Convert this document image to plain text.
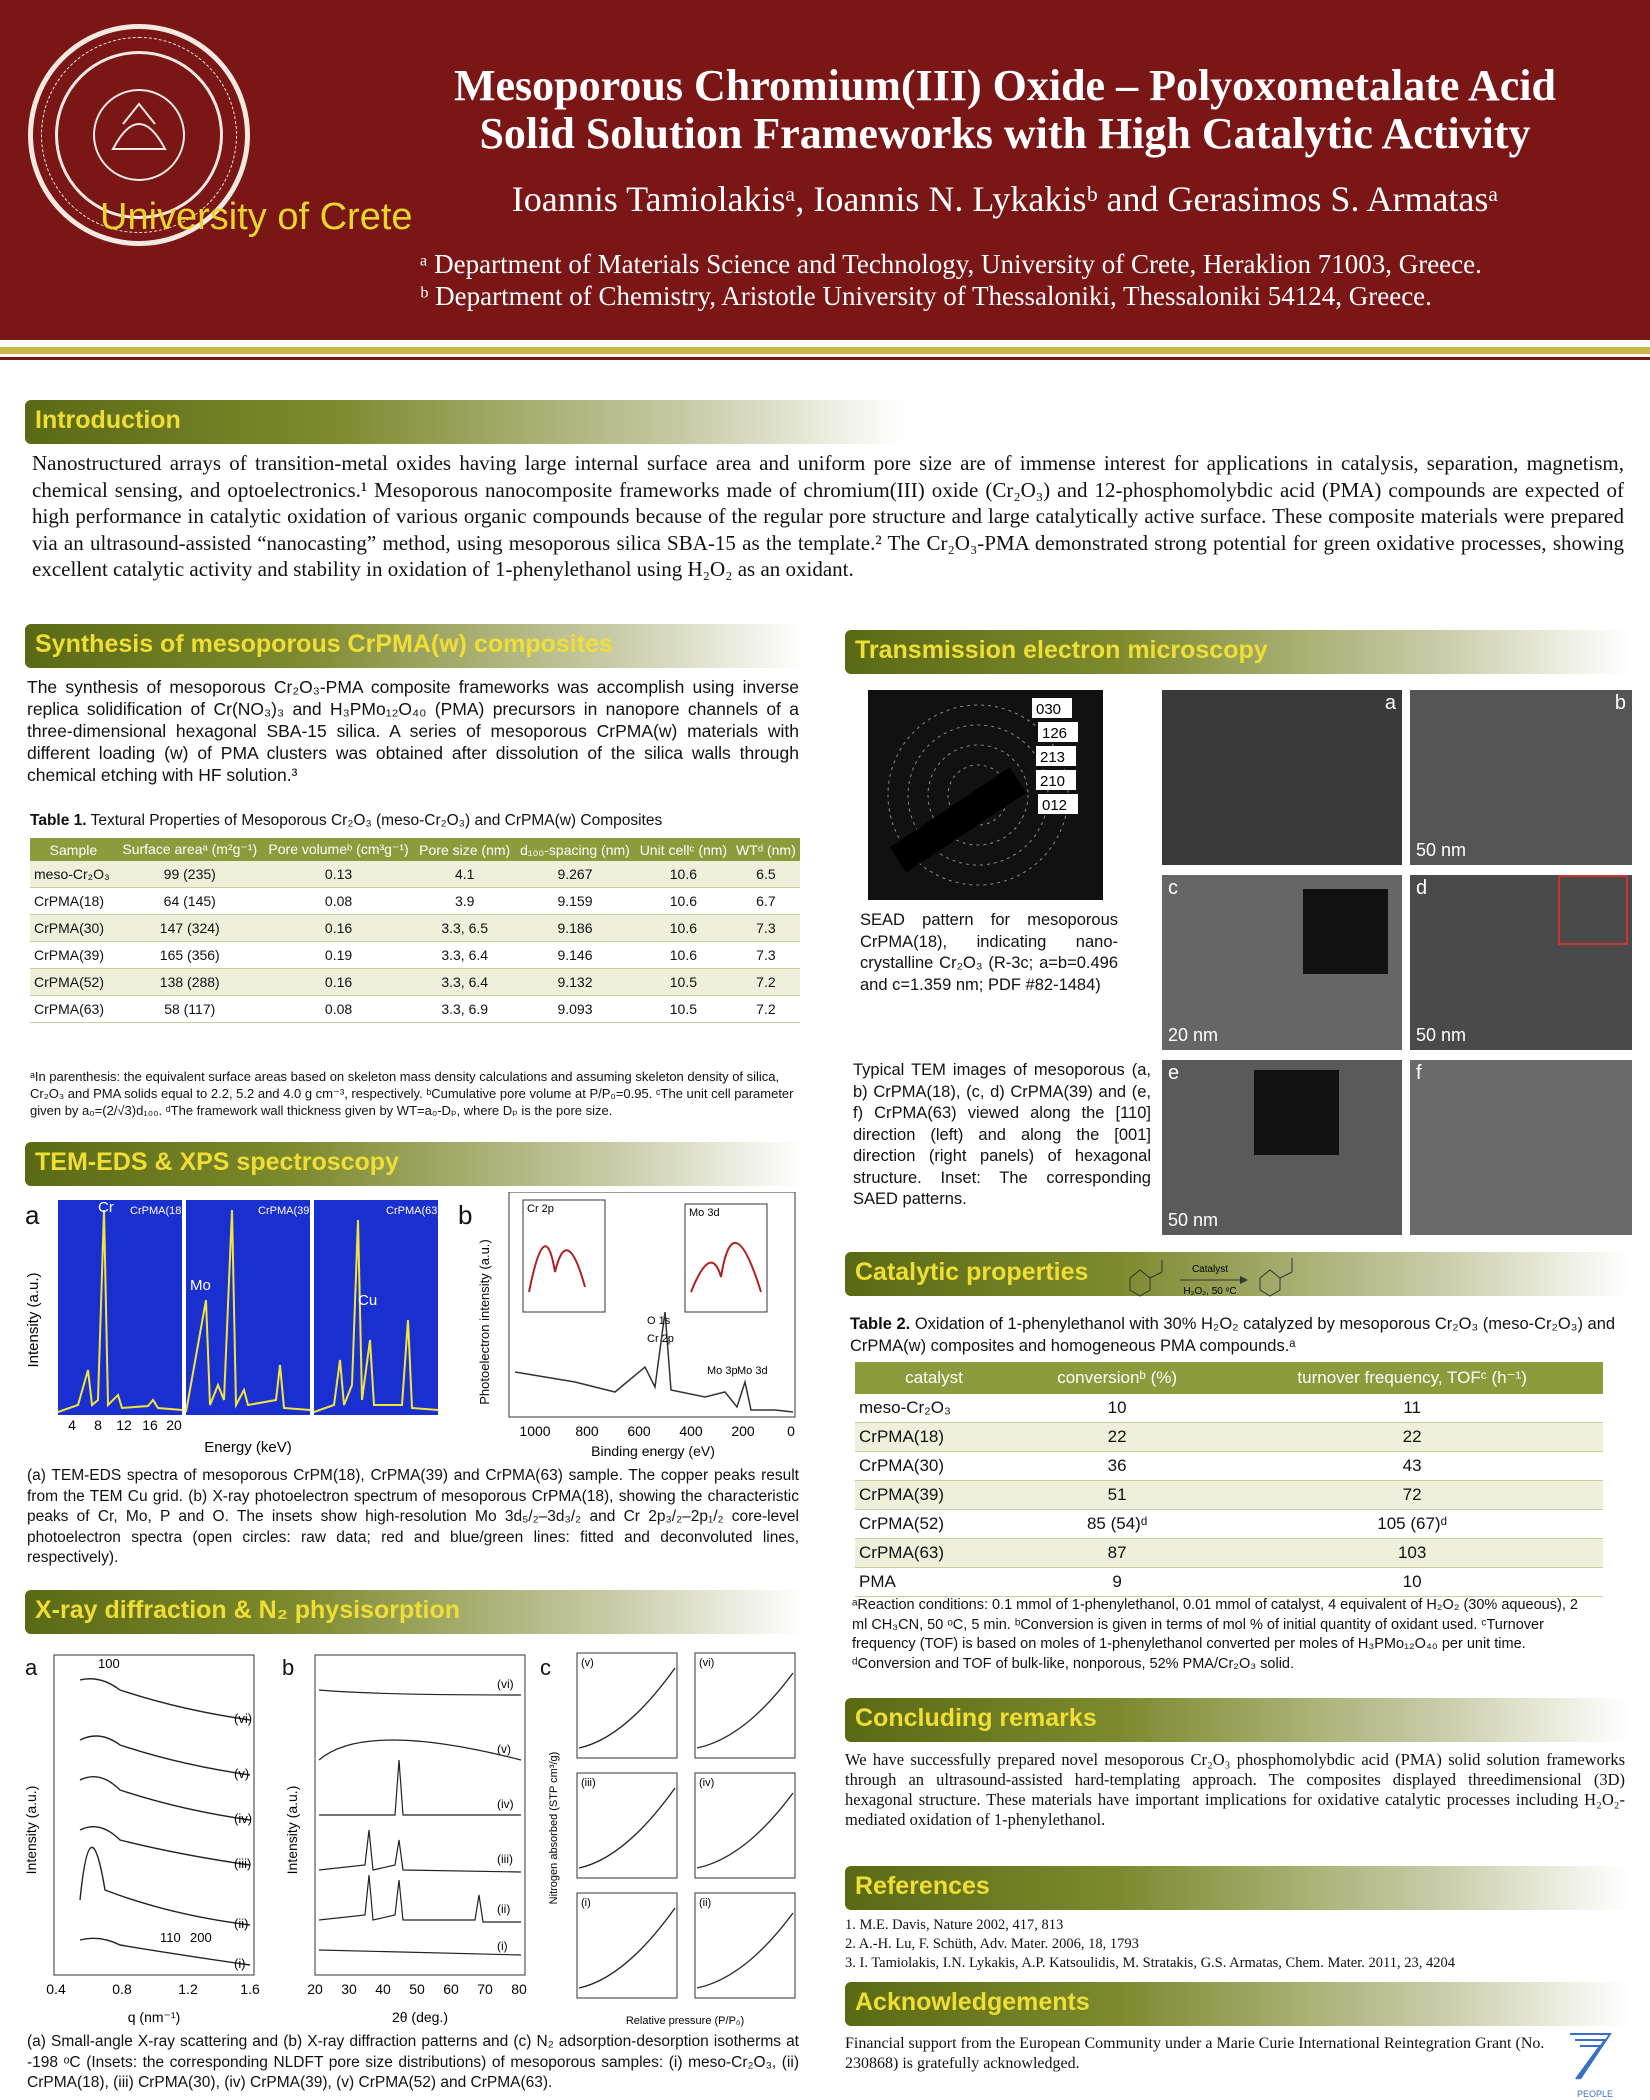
University of Crete
Mesoporous Chromium(III) Oxide – Polyoxometalate Acid
Solid Solution Frameworks with High Catalytic Activity
Ioannis Tamiolakisᵃ, Ioannis N. Lykakisᵇ and Gerasimos S. Armatasᵃ
ᵃ Department of Materials Science and Technology, University of Crete, Heraklion 71003, Greece.
ᵇ Department of Chemistry, Aristotle University of Thessaloniki, Thessaloniki 54124, Greece.
Introduction
Nanostructured arrays of transition-metal oxides having large internal surface area and uniform pore size are of immense interest for applications in catalysis, separation, magnetism, chemical sensing, and optoelectronics.¹ Mesoporous nanocomposite frameworks made of chromium(III) oxide (Cr₂O₃) and 12-phosphomolybdic acid (PMA) compounds are expected of high performance in catalytic oxidation of various organic compounds because of the regular pore structure and large catalytically active surface. These composite materials were prepared via an ultrasound-assisted “nanocasting” method, using mesoporous silica SBA-15 as the template.² The Cr₂O₃-PMA demonstrated strong potential for green oxidative processes, showing excellent catalytic activity and stability in oxidation of 1-phenylethanol using H₂O₂ as an oxidant.
Synthesis of mesoporous CrPMA(w) composites
The synthesis of mesoporous Cr₂O₃-PMA composite frameworks was accomplish using inverse replica solidification of Cr(NO₃)₃ and H₃PMo₁₂O₄₀ (PMA) precursors in nanopore channels of a three-dimensional hexagonal SBA-15 silica. A series of mesoporous CrPMA(w) materials with different loading (w) of PMA clusters was obtained after dissolution of the silica walls through chemical etching with HF solution.³
Table 1. Textural Properties of Mesoporous Cr₂O₃ (meso-Cr₂O₃) and CrPMA(w) Composites
Sample	Surface areaᵃ (m²g⁻¹)	Pore volumeᵇ (cm³g⁻¹)	Pore size (nm)	d₁₀₀-spacing (nm)	Unit cellᶜ (nm)	WTᵈ (nm)
meso-Cr₂O₃	99 (235)	0.13	4.1	9.267	10.6	6.5
CrPMA(18)	64 (145)	0.08	3.9	9.159	10.6	6.7
CrPMA(30)	147 (324)	0.16	3.3, 6.5	9.186	10.6	7.3
CrPMA(39)	165 (356)	0.19	3.3, 6.4	9.146	10.6	7.3
CrPMA(52)	138 (288)	0.16	3.3, 6.4	9.132	10.5	7.2
CrPMA(63)	58 (117)	0.08	3.3, 6.9	9.093	10.5	7.2
ᵃIn parenthesis: the equivalent surface areas based on skeleton mass density calculations and assuming skeleton density of silica, Cr₂O₃ and PMA solids equal to 2.2, 5.2 and 4.0 g cm⁻³, respectively. ᵇCumulative pore volume at P/P₀=0.95. ᶜThe unit cell parameter given by a₀=(2/√3)d₁₀₀. ᵈThe framework wall thickness given by WT=a₀-Dₚ, where Dₚ is the pore size.
TEM-EDS & XPS spectroscopy
a	b
Intensity (a.u.)
CrPMA(18)	CrPMA(39)	CrPMA(63)
Cr
Mo
Cu
4 8 12 16 20
Energy (keV)
Photoelectron intensity (a.u.)
Cr 2p	Mo 3d
O 1s
Cr 2p
Mo 3p Mo 3d
1000 800 600 400 200 0
Binding energy (eV)
(a) TEM-EDS spectra of mesoporous CrPM(18), CrPMA(39) and CrPMA(63) sample. The copper peaks result from the TEM Cu grid. (b) X-ray photoelectron spectrum of mesoporous CrPMA(18), showing the characteristic peaks of Cr, Mo, P and O. The insets show high-resolution Mo 3d₅/₂–3d₃/₂ and Cr 2p₃/₂–2p₁/₂ core-level photoelectron spectra (open circles: raw data; red and blue/green lines: fitted and deconvoluted lines, respectively).
X-ray diffraction & N₂ physisorption
a	b	c
Intensity (a.u.)
100
110 200
(vi)
(v)
(iv)
(iii)
(ii)
(i)
0.4	0.8	1.2	1.6
q (nm⁻¹)
Intensity (a.u.)
(vi)
(v)
(iv)
(iii)
(ii)
(i)
20 30 40 50 60 70 80
2θ (deg.)
Nitrogen absorbed (STP cm³/g)
(v)	(vi)
(iii)	(iv)
(i)	(ii)
Relative pressure (P/P₀)
(a) Small-angle X-ray scattering and (b) X-ray diffraction patterns and (c) N₂ adsorption-desorption isotherms at -198 ᵒC (Insets: the corresponding NLDFT pore size distributions) of mesoporous samples: (i) meso-Cr₂O₃, (ii) CrPMA(18), (iii) CrPMA(30), (iv) CrPMA(39), (v) CrPMA(52) and CrPMA(63).
Transmission electron microscopy
030
126
213
210
012
SEAD pattern for mesoporous CrPMA(18), indicating nano-crystalline Cr₂O₃ (R-3c; a=b=0.496 and c=1.359 nm; PDF #82-1484)
Typical TEM images of mesoporous (a, b) CrPMA(18), (c, d) CrPMA(39) and (e, f) CrPMA(63) viewed along the [110] direction (left) and along the [001] direction (right panels) of hexagonal structure. Inset: The corresponding SAED patterns.
a	b
50 nm
c
20 nm
d
50 nm
e
50 nm
f
Catalytic properties	Catalyst
H₂O₂, 50 ᵒC
Table 2. Oxidation of 1-phenylethanol with 30% H₂O₂ catalyzed by mesoporous Cr₂O₃ (meso-Cr₂O₃) and CrPMA(w) composites and homogeneous PMA compounds.ᵃ
catalyst	conversionᵇ (%)	turnover frequency, TOFᶜ (h⁻¹)
meso-Cr₂O₃	10	11
CrPMA(18)	22	22
CrPMA(30)	36	43
CrPMA(39)	51	72
CrPMA(52)	85 (54)ᵈ	105 (67)ᵈ
CrPMA(63)	87	103
PMA	9	10
ᵃReaction conditions: 0.1 mmol of 1-phenylethanol, 0.01 mmol of catalyst, 4 equivalent of H₂O₂ (30% aqueous), 2 ml CH₃CN, 50 ᵒC, 5 min. ᵇConversion is given in terms of mol % of initial quantity of oxidant used. ᶜTurnover frequency (TOF) is based on moles of 1-phenylethanol converted per moles of H₃PMo₁₂O₄₀ per unit time. ᵈConversion and TOF of bulk-like, nonporous, 52% PMA/Cr₂O₃ solid.
Concluding remarks
We have successfully prepared novel mesoporous Cr₂O₃ phosphomolybdic acid (PMA) solid solution frameworks through an ultrasound-assisted hard-templating approach. The composites displayed threedimensional (3D) hexagonal structure. These materials have important implications for oxidative catalytic processes including H₂O₂-mediated oxidation of 1-phenylethanol.
References
1. M.E. Davis, Nature 2002, 417, 813
2. A.-H. Lu, F. Schüth, Adv. Mater. 2006, 18, 1793
3. I. Tamiolakis, I.N. Lykakis, A.P. Katsoulidis, M. Stratakis, G.S. Armatas, Chem. Mater. 2011, 23, 4204
Acknowledgements
Financial support from the European Community under a Marie Curie International Reintegration Grant (No. 230868) is gratefully acknowledged.
PEOPLE
